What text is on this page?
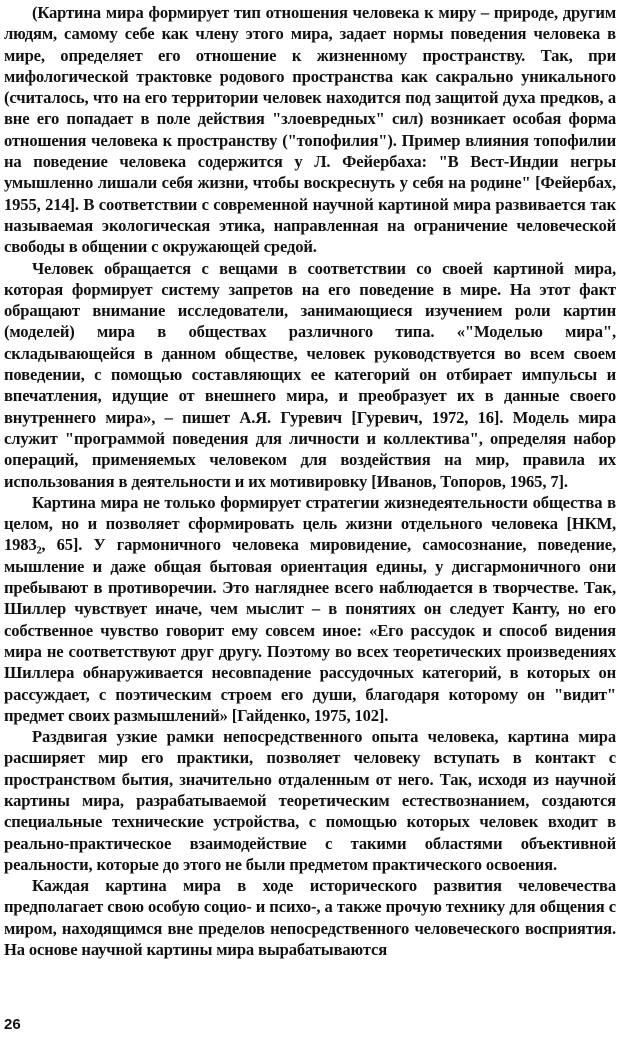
(Картина мира формирует тип отношения человека к миру – природе, другим людям, самому себе как члену этого мира, задает нормы поведения человека в мире, определяет его отношение к жизненному пространству. Так, при мифологической трактовке родового пространства как сакрально уникального (считалось, что на его территории человек находится под защитой духа предков, а вне его попадает в поле действия "злоевредных" сил) возникает особая форма отношения человека к пространству ("топофилия"). Пример влияния топофилии на поведение человека содержится у Л. Фейербаха: "В Вест-Индии негры умышленно лишали себя жизни, чтобы воскреснуть у себя на родине" [Фейербах, 1955, 214]. В соответствии с современной научной картиной мира развивается так называемая экологическая этика, направленная на ограничение человеческой свободы в общении с окружающей средой.

Человек обращается с вещами в соответствии со своей картиной мира, которая формирует систему запретов на его поведение в мире. На этот факт обращают внимание исследователи, занимающиеся изучением роли картин (моделей) мира в обществах различного типа. «"Моделью мира", складывающейся в данном обществе, человек руководствуется во всем своем поведении, с помощью составляющих ее категорий он отбирает импульсы и впечатления, идущие от внешнего мира, и преобразует их в данные своего внутреннего мира», – пишет А.Я. Гуревич [Гуревич, 1972, 16]. Модель мира служит "программой поведения для личности и коллектива", определяя набор операций, применяемых человеком для воздействия на мир, правила их использования в деятельности и их мотивировку [Иванов, Топоров, 1965, 7].

Картина мира не только формирует стратегии жизнедеятельности общества в целом, но и позволяет сформировать цель жизни отдельного человека [НКМ, 1983₂, 65]. У гармоничного человека мировидение, самосознание, поведение, мышление и даже общая бытовая ориентация едины, у дисгармоничного они пребывают в противоречии. Это нагляднее всего наблюдается в творчестве. Так, Шиллер чувствует иначе, чем мыслит – в понятиях он следует Канту, но его собственное чувство говорит ему совсем иное: «Его рассудок и способ видения мира не соответствуют друг другу. Поэтому во всех теоретических произведениях Шиллера обнаруживается несовпадение рассудочных категорий, в которых он рассуждает, с поэтическим строем его души, благодаря которому он "видит" предмет своих размышлений» [Гайденко, 1975, 102].

Раздвигая узкие рамки непосредственного опыта человека, картина мира расширяет мир его практики, позволяет человеку вступать в контакт с пространством бытия, значительно отдаленным от него. Так, исходя из научной картины мира, разрабатываемой теоретическим естествознанием, создаются специальные технические устройства, с помощью которых человек входит в реально-практическое взаимодействие с такими областями объективной реальности, которые до этого не были предметом практического освоения.

Каждая картина мира в ходе исторического развития человечества предполагает свою особую социо- и психо-, а также прочую технику для общения с миром, находящимся вне пределов непосредственного человеческого восприятия. На основе научной картины мира вырабатываются

26
